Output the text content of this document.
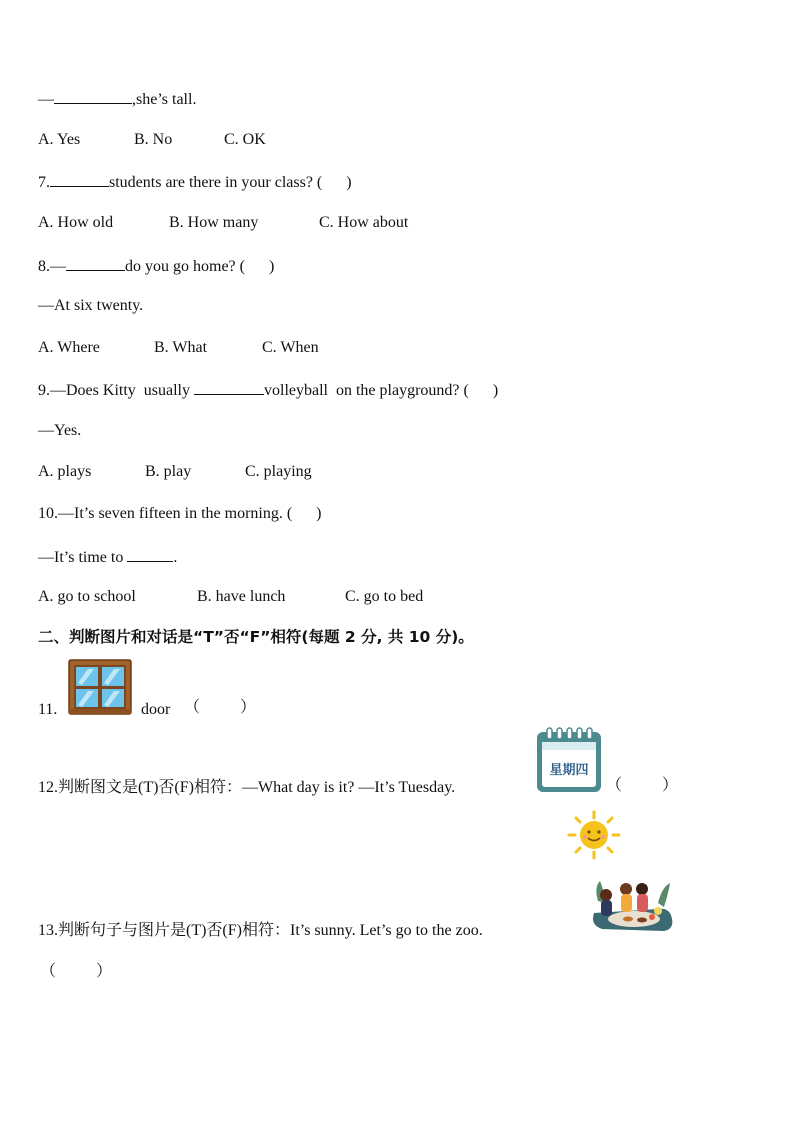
—	,she’s tall.
A. Yes	B. No	C. OK
7.	students are there in your class? (      )
A. How old	B. How many	C. How about
8.—	do you go home? (      )
—At six twenty.
A. Where	B. What	C. When
9.—Does Kitty  usually	volleyball  on the playground? (      )
—Yes.
A. plays	B. play	C. playing
10.—It’s seven fifteen in the morning. (      )
—It’s time to	.
A. go to school	B. have lunch	C. go to bed
二、判断图片和对话是“T”否“F”相符(每题 2 分, 共 10 分)。
11.	door （          ）
12.判断图文是(T)否(F)相符：—What day is it? —It’s Tuesday.
星期四
（          ）
13.判断句子与图片是(T)否(F)相符：It’s sunny. Let’s go to the zoo.
（          ）
